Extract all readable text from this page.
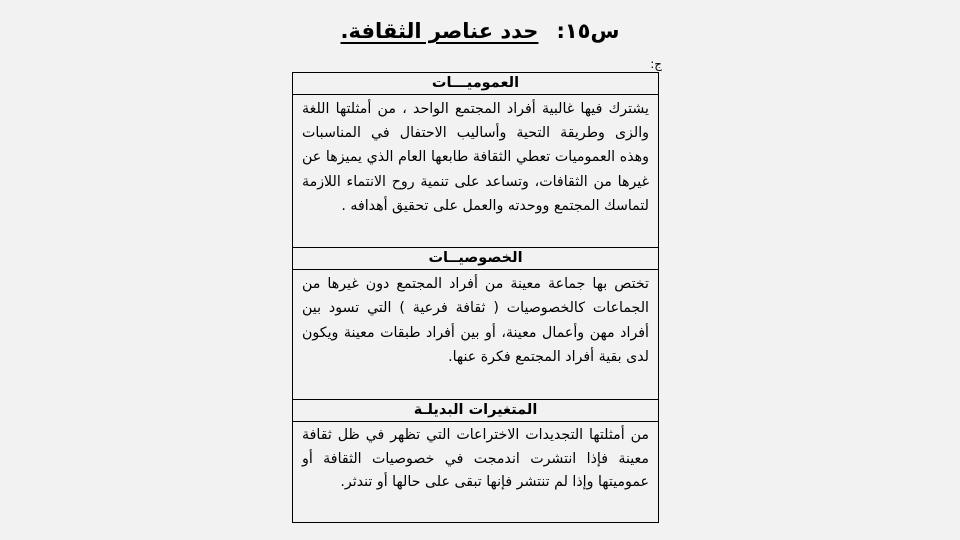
س١٥:حدد عناصر الثقافة.
ج:
العموميـــات
يشترك فيها غالبية أفراد المجتمع الواحد ، من أمثلتها اللغة والزى وطريقة التحية وأساليب الاحتفال في المناسبات وهذه العموميات تعطي الثقافة طابعها العام الذي يميزها عن غيرها من الثقافات، وتساعد على تنمية روح الانتماء اللازمة لتماسك المجتمع ووحدته والعمل على تحقيق أهدافه .
الخصوصيــات
تختص بها جماعة معينة من أفراد المجتمع دون غيرها من الجماعات كالخصوصيات ( ثقافة فرعية ) التي تسود بين أفراد مهن وأعمال معينة، أو بين أفراد طبقات معينة ويكون لدى بقية أفراد المجتمع فكرة عنها.
المتغيرات البديلـة
من أمثلتها التجديدات الاختراعات التي تظهر في ظل ثقافة معينة فإذا انتشرت اندمجت في خصوصيات الثقافة أو عموميتها وإذا لم تنتشر فإنها تبقى على حالها أو تندثر.
